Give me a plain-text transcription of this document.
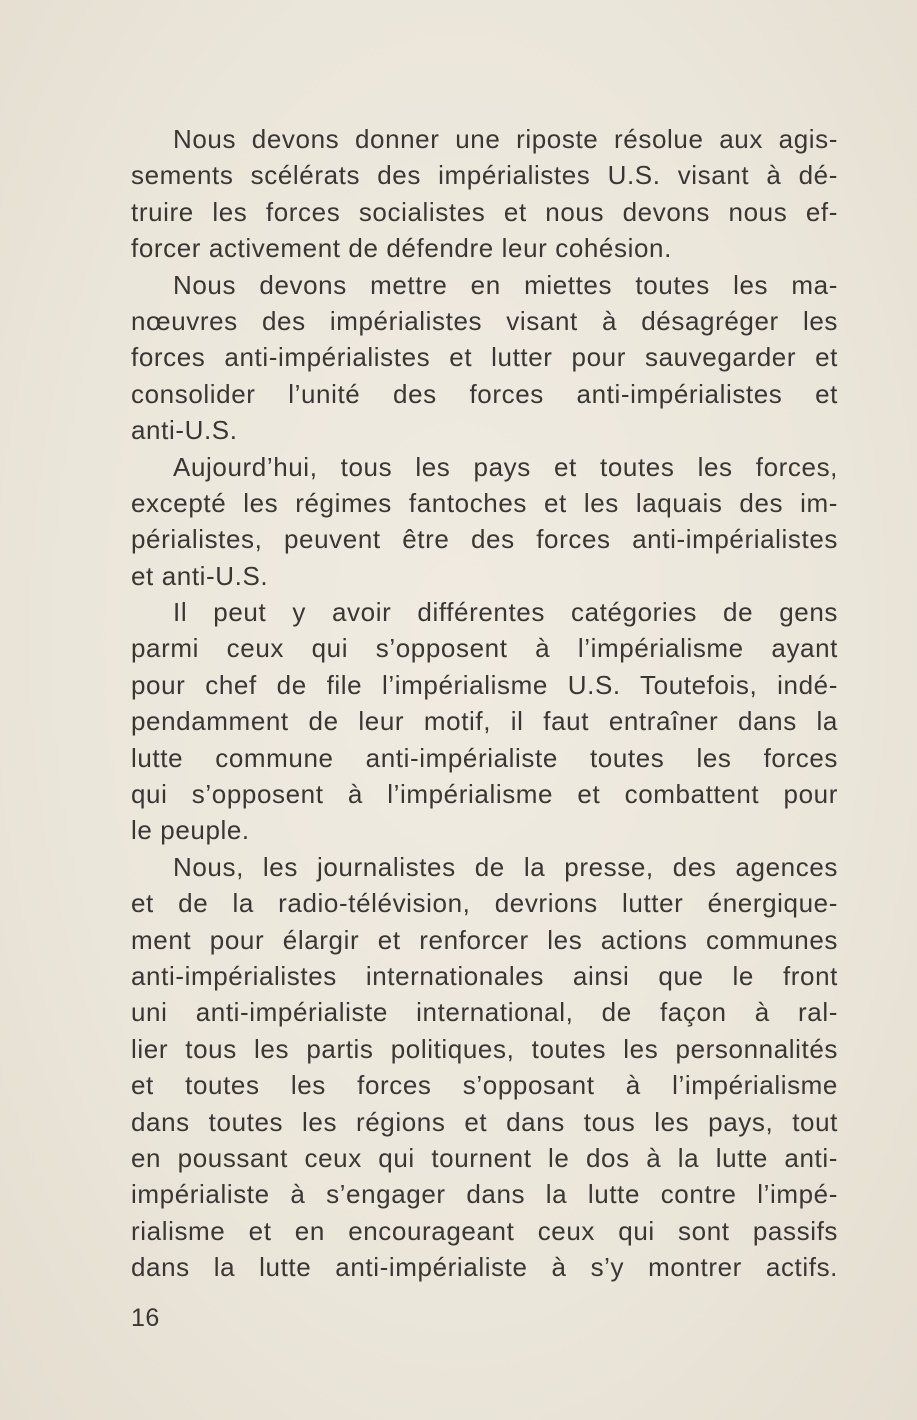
Nous devons donner une riposte résolue aux agis-
sements scélérats des impérialistes U.S. visant à dé-
truire les forces socialistes et nous devons nous ef-
forcer activement de défendre leur cohésion.
Nous devons mettre en miettes toutes les ma-
nœuvres des impérialistes visant à désagréger les
forces anti-impérialistes et lutter pour sauvegarder et
consolider l’unité des forces anti-impérialistes et
anti-U.S.
Aujourd’hui, tous les pays et toutes les forces,
excepté les régimes fantoches et les laquais des im-
périalistes, peuvent être des forces anti-impérialistes
et anti-U.S.
Il peut y avoir différentes catégories de gens
parmi ceux qui s’opposent à l’impérialisme ayant
pour chef de file l’impérialisme U.S. Toutefois, indé-
pendamment de leur motif, il faut entraîner dans la
lutte commune anti-impérialiste toutes les forces
qui s’opposent à l’impérialisme et combattent pour
le peuple.
Nous, les journalistes de la presse, des agences
et de la radio-télévision, devrions lutter énergique-
ment pour élargir et renforcer les actions communes
anti-impérialistes internationales ainsi que le front
uni anti-impérialiste international, de façon à ral-
lier tous les partis politiques, toutes les personnalités
et toutes les forces s’opposant à l’impérialisme
dans toutes les régions et dans tous les pays, tout
en poussant ceux qui tournent le dos à la lutte anti-
impérialiste à s’engager dans la lutte contre l’impé-
rialisme et en encourageant ceux qui sont passifs
dans la lutte anti-impérialiste à s’y montrer actifs.
16
